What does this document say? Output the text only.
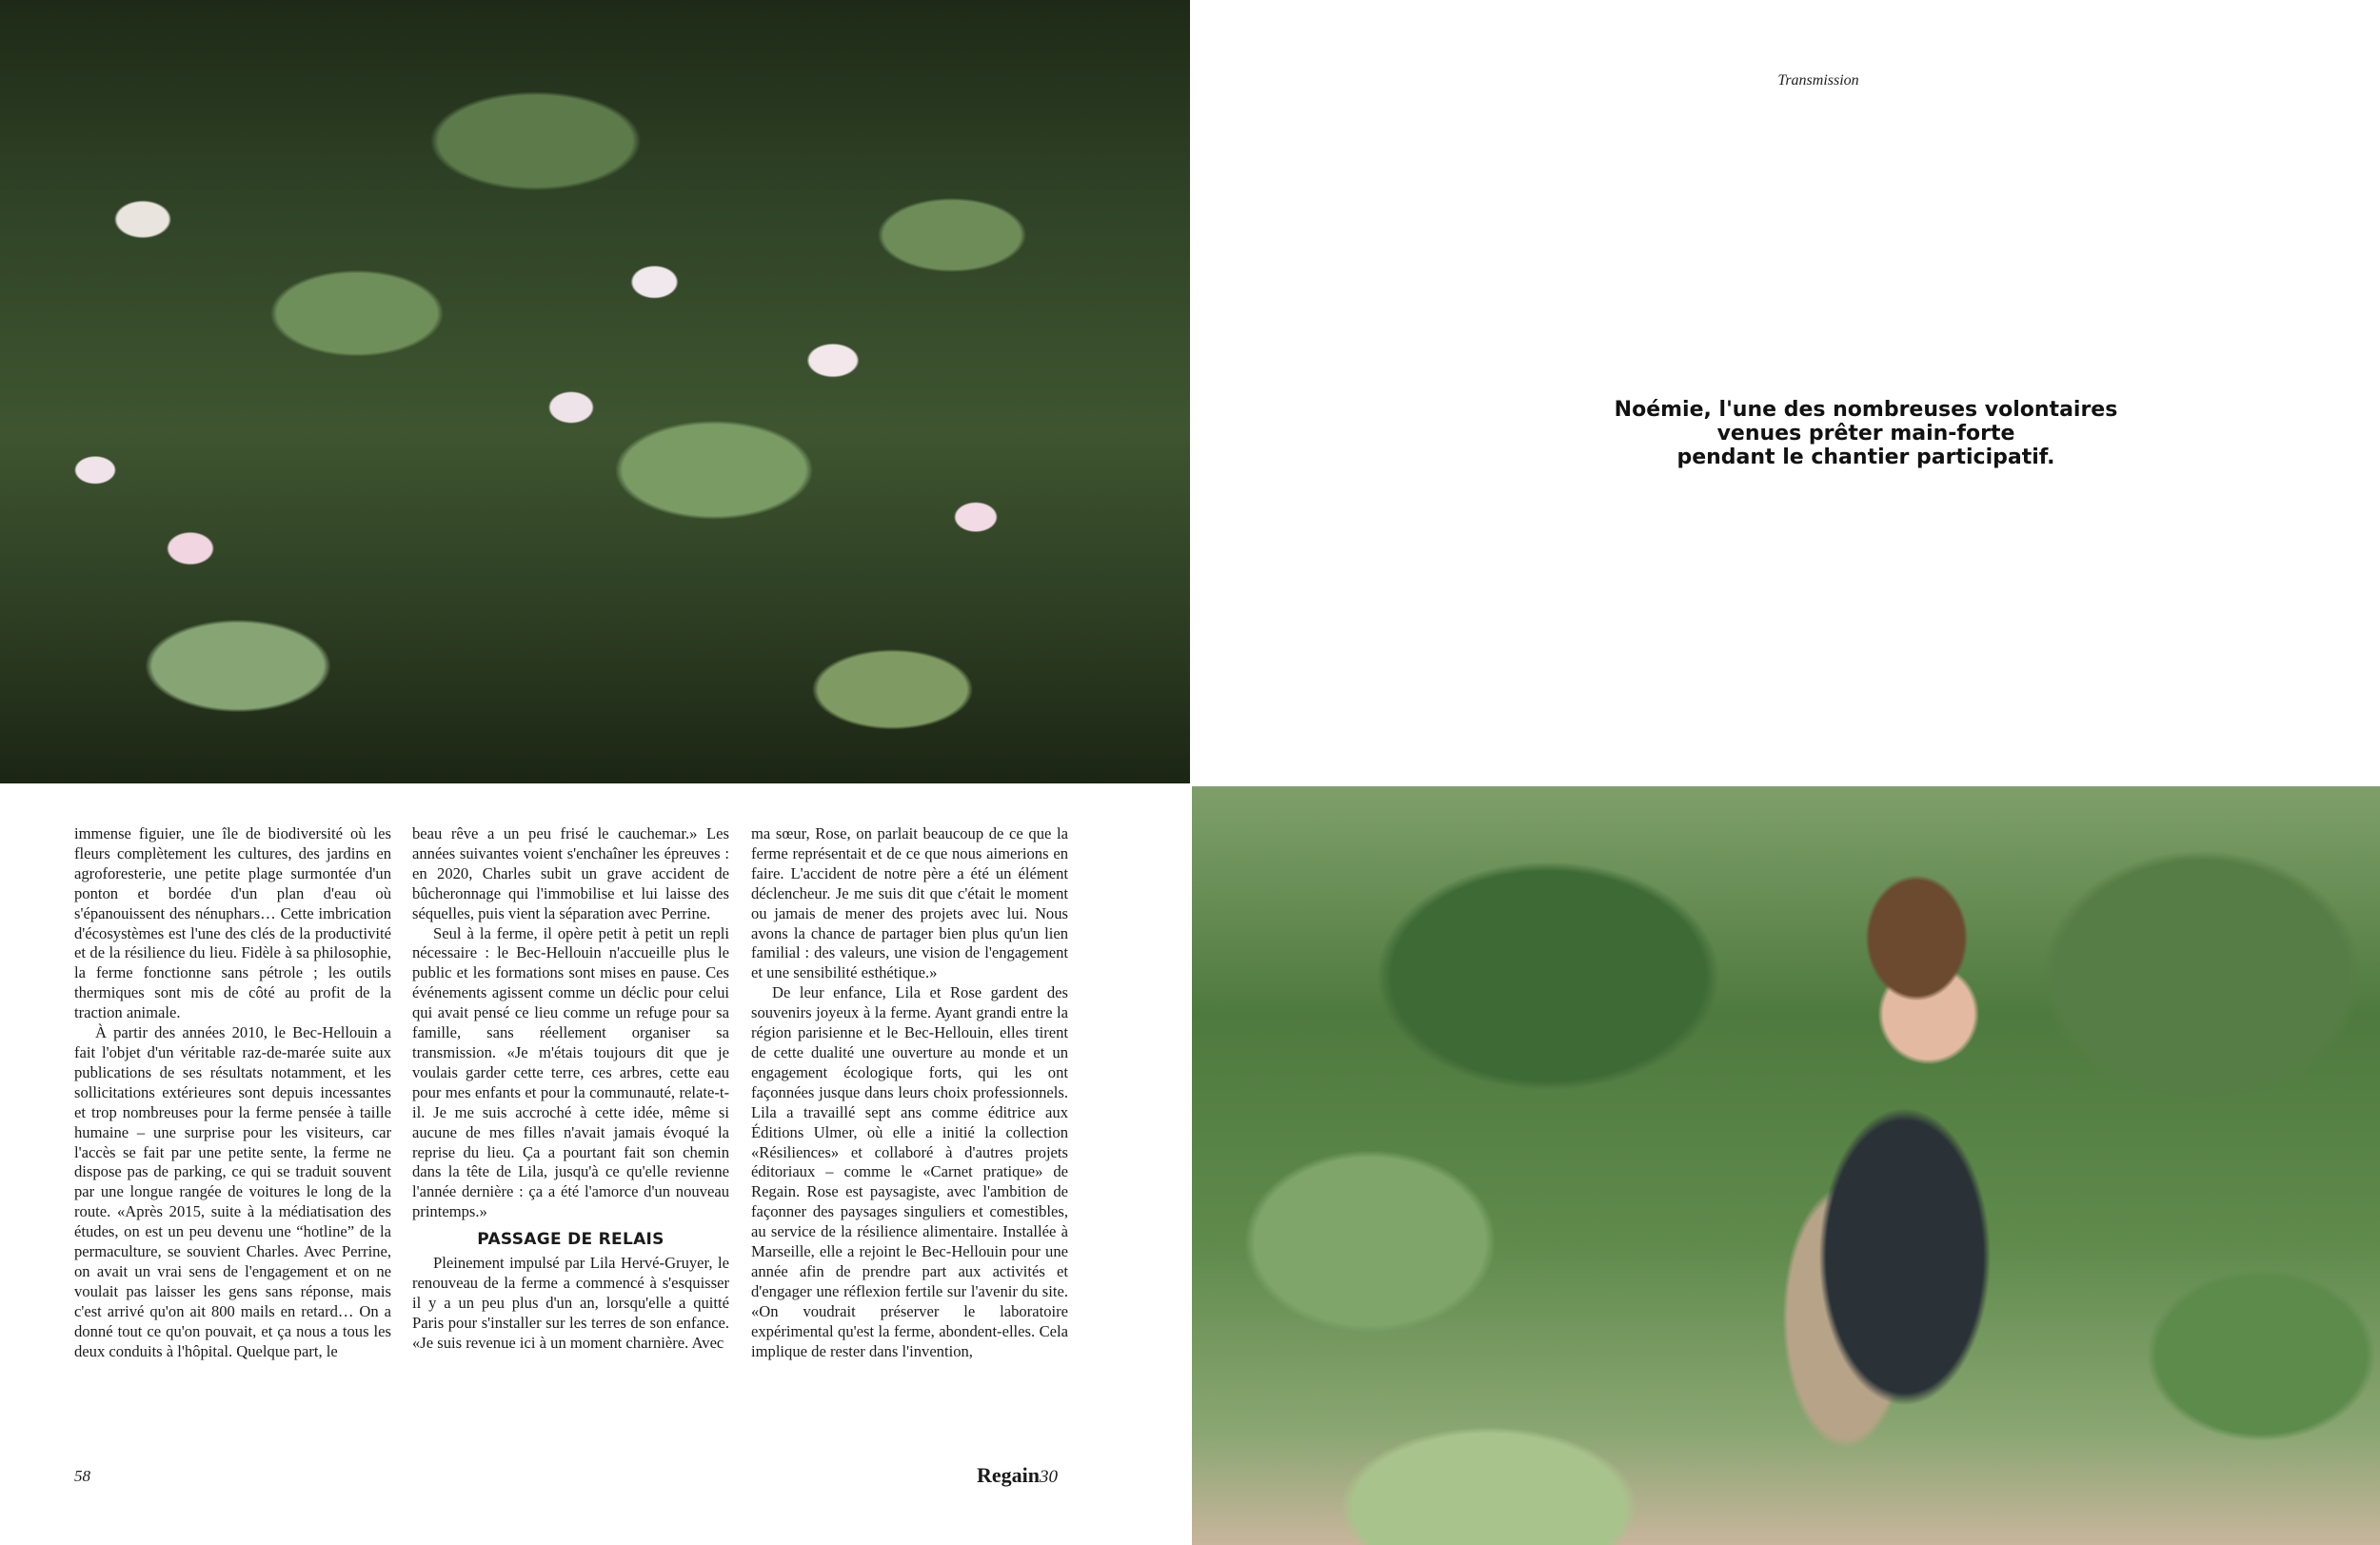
Transmission
Noémie, l'une des nombreuses volontaires
venues prêter main-forte
pendant le chantier participatif.

immense figuier, une île de biodiversité où les fleurs complètement les cultures, des jardins en agroforesterie, une petite plage surmontée d'un ponton et bordée d'un plan d'eau où s'épanouissent des nénuphars… Cette imbrication d'écosystèmes est l'une des clés de la productivité et de la résilience du lieu. Fidèle à sa philosophie, la ferme fonctionne sans pétrole ; les outils thermiques sont mis de côté au profit de la traction animale.

À partir des années 2010, le Bec-Hellouin a fait l'objet d'un véritable raz-de-marée suite aux publications de ses résultats notamment, et les sollicitations extérieures sont depuis incessantes et trop nombreuses pour la ferme pensée à taille humaine – une surprise pour les visiteurs, car l'accès se fait par une petite sente, la ferme ne dispose pas de parking, ce qui se traduit souvent par une longue rangée de voitures le long de la route. «Après 2015, suite à la médiatisation des études, on est un peu devenu une “hotline” de la permaculture, se souvient Charles. Avec Perrine, on avait un vrai sens de l'engagement et on ne voulait pas laisser les gens sans réponse, mais c'est arrivé qu'on ait 800 mails en retard… On a donné tout ce qu'on pouvait, et ça nous a tous les deux conduits à l'hôpital. Quelque part, le

beau rêve a un peu frisé le cauchemar.» Les années suivantes voient s'enchaîner les épreuves : en 2020, Charles subit un grave accident de bûcheronnage qui l'immobilise et lui laisse des séquelles, puis vient la séparation avec Perrine.

Seul à la ferme, il opère petit à petit un repli nécessaire : le Bec-Hellouin n'accueille plus le public et les formations sont mises en pause. Ces événements agissent comme un déclic pour celui qui avait pensé ce lieu comme un refuge pour sa famille, sans réellement organiser sa transmission. «Je m'étais toujours dit que je voulais garder cette terre, ces arbres, cette eau pour mes enfants et pour la communauté, relate-t-il. Je me suis accroché à cette idée, même si aucune de mes filles n'avait jamais évoqué la reprise du lieu. Ça a pourtant fait son chemin dans la tête de Lila, jusqu'à ce qu'elle revienne l'année dernière : ça a été l'amorce d'un nouveau printemps.»

PASSAGE DE RELAIS

Pleinement impulsé par Lila Hervé-Gruyer, le renouveau de la ferme a commencé à s'esquisser il y a un peu plus d'un an, lorsqu'elle a quitté Paris pour s'installer sur les terres de son enfance. «Je suis revenue ici à un moment charnière. Avec

ma sœur, Rose, on parlait beaucoup de ce que la ferme représentait et de ce que nous aimerions en faire. L'accident de notre père a été un élément déclencheur. Je me suis dit que c'était le moment ou jamais de mener des projets avec lui. Nous avons la chance de partager bien plus qu'un lien familial : des valeurs, une vision de l'engagement et une sensibilité esthétique.»

De leur enfance, Lila et Rose gardent des souvenirs joyeux à la ferme. Ayant grandi entre la région parisienne et le Bec-Hellouin, elles tirent de cette dualité une ouverture au monde et un engagement écologique forts, qui les ont façonnées jusque dans leurs choix professionnels. Lila a travaillé sept ans comme éditrice aux Éditions Ulmer, où elle a initié la collection «Résiliences» et collaboré à d'autres projets éditoriaux – comme le «Carnet pratique» de Regain. Rose est paysagiste, avec l'ambition de façonner des paysages singuliers et comestibles, au service de la résilience alimentaire. Installée à Marseille, elle a rejoint le Bec-Hellouin pour une année afin de prendre part aux activités et d'engager une réflexion fertile sur l'avenir du site. «On voudrait préserver le laboratoire expérimental qu'est la ferme, abondent-elles. Cela implique de rester dans l'invention,

58	Regain30
